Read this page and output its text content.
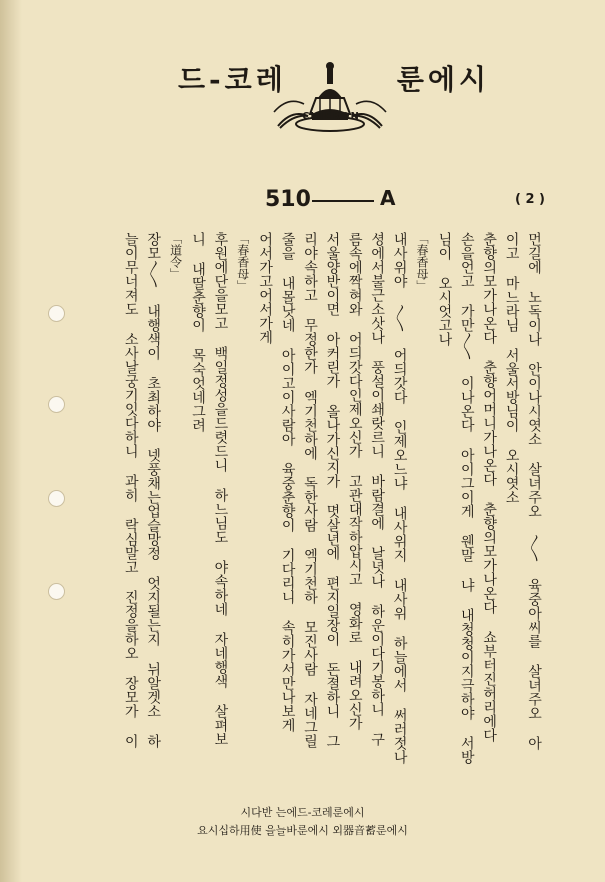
드-코레	룬에시
CHIERON
510	A	( 2 )
먼길에 노독이나 안이나시엿소 살녀주오 〳〵 육중아씨를 살녀주오 아
이고 마느라님 서울서방님이 오시엿소
춘향의모가나온다 춘향어머니가나온다 춘향의모가나온다 쇼부터진허리에다
손을언고 가만〳〵 이나온다 아이그이게 웬말 냐 내청청이지극하야 서방
님이 오시엇고나
「春香母」
내사위야 〳〵 어듸갓다 인제오느냐 내사위지 내사위 하늘에서 써러젓나
셩에서불근소삿나 풍설이쇄랏르니 바람결에 날녓나 하운이다기봉하니 구
름속에짝혀와 어듸갓다인제오신가 고관대작하압시고 영화로 내려오신가
서울양반이면 아커린가 올나가신지가 몃살년에 편지일장이 돈졀하니 그
리야속하고 무정한가 엑기천하에 독한사람 엑기천하 모진사람 자네그릴
줄을 내몰낫네 아이고이사람아 육중춘향이 기다리니 속히가서만나보게
어서가고어서가게
「春香母」
후원에단을모고 백일정성을드렷드니 하느님도 야속하네 자네행색 살펴보
니 내딸춘향이 목숙엇네그려
「道令」
장모〳〵 내행색이 초최하야 넷풍채는업슬망정 엇지될는지 뉘알겟소 하
늘이무너져도 소사날궁기잇다하니 과히 락심말고 진정을하오 장모가 이
시다반 는에드-코레룬에시
요시십하用使 을늘바룬에시 외器音蓄룬에시
